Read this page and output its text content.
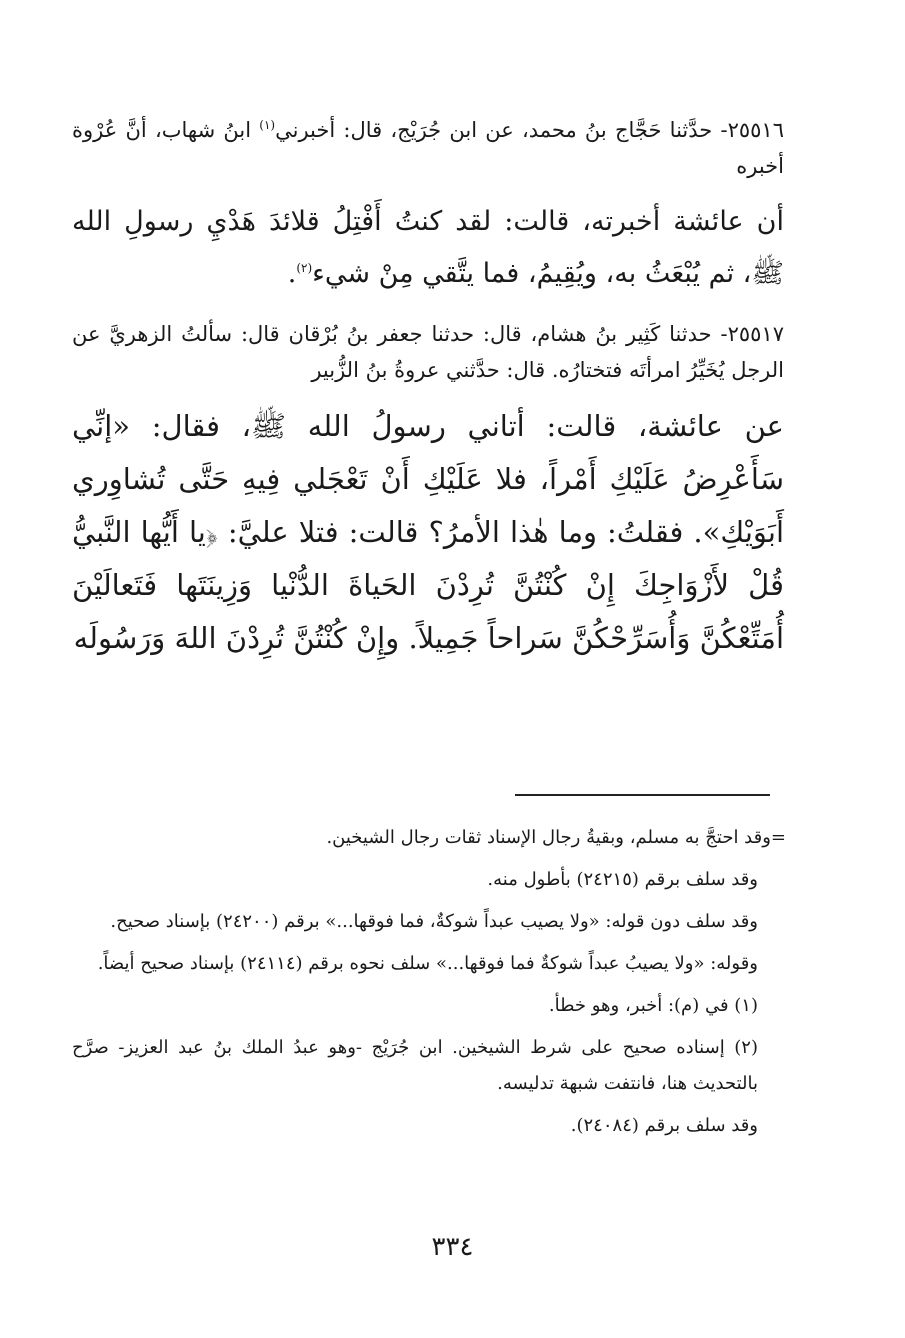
٢٥٥١٦- حدَّثنا حَجَّاج بنُ محمد، عن ابن جُرَيْج، قال: أخبرني$^{(١)}$ ابنُ شهاب، أنَّ عُرْوة أخبره

أن عائشة أخبرته، قالت: لقد كنتُ أَفْتِلُ قلائدَ هَدْيِ رسولِ الله ﷺ، ثم يُبْعَثُ به، ويُقِيمُ، فما يتَّقي مِنْ شيء$^{(٢)}$.

٢٥٥١٧- حدثنا كَثِير بنُ هشام، قال: حدثنا جعفر بنُ بُرْقان قال: سألتُ الزهريَّ عن الرجل يُخَيِّرُ امرأتَه فتختارُه. قال: حدَّثني عروةُ بنُ الزُّبير

عن عائشة، قالت: أتاني رسولُ الله ﷺ، فقال: «إنِّي سَأَعْرِضُ عَلَيْكِ أَمْراً، فلا عَلَيْكِ أَنْ تَعْجَلي فِيهِ حَتَّى تُشاوِري أَبَوَيْكِ». فقلتُ: وما هٰذا الأمرُ؟ قالت: فتلا عليَّ: ﴿يا أَيُّها النَّبيُّ قُلْ لأَزْوَاجِكَ إِنْ كُنْتُنَّ تُرِدْنَ الحَياةَ الدُّنْيا وَزِينَتَها فَتَعالَيْنَ أُمَتِّعْكُنَّ وَأُسَرِّحْكُنَّ سَراحاً جَمِيلاً. وإِنْ كُنْتُنَّ تُرِدْنَ اللهَ وَرَسُولَه

=وقد احتجَّ به مسلم، وبقيةُ رجال الإسناد ثقات رجال الشيخين.

وقد سلف برقم (٢٤٢١٥) بأطول منه.

وقد سلف دون قوله: «ولا يصيب عبداً شوكةٌ، فما فوقها...» برقم (٢٤٢٠٠) بإسناد صحيح.

وقوله: «ولا يصيبُ عبداً شوكةٌ فما فوقها...» سلف نحوه برقم (٢٤١١٤) بإسناد صحيح أيضاً.

(١) في (م): أخبر، وهو خطأ.

(٢) إسناده صحيح على شرط الشيخين. ابن جُرَيْج -وهو عبدُ الملك بنُ عبد العزيز- صرَّح بالتحديث هنا، فانتفت شبهة تدليسه.

وقد سلف برقم (٢٤٠٨٤).

٣٣٤
